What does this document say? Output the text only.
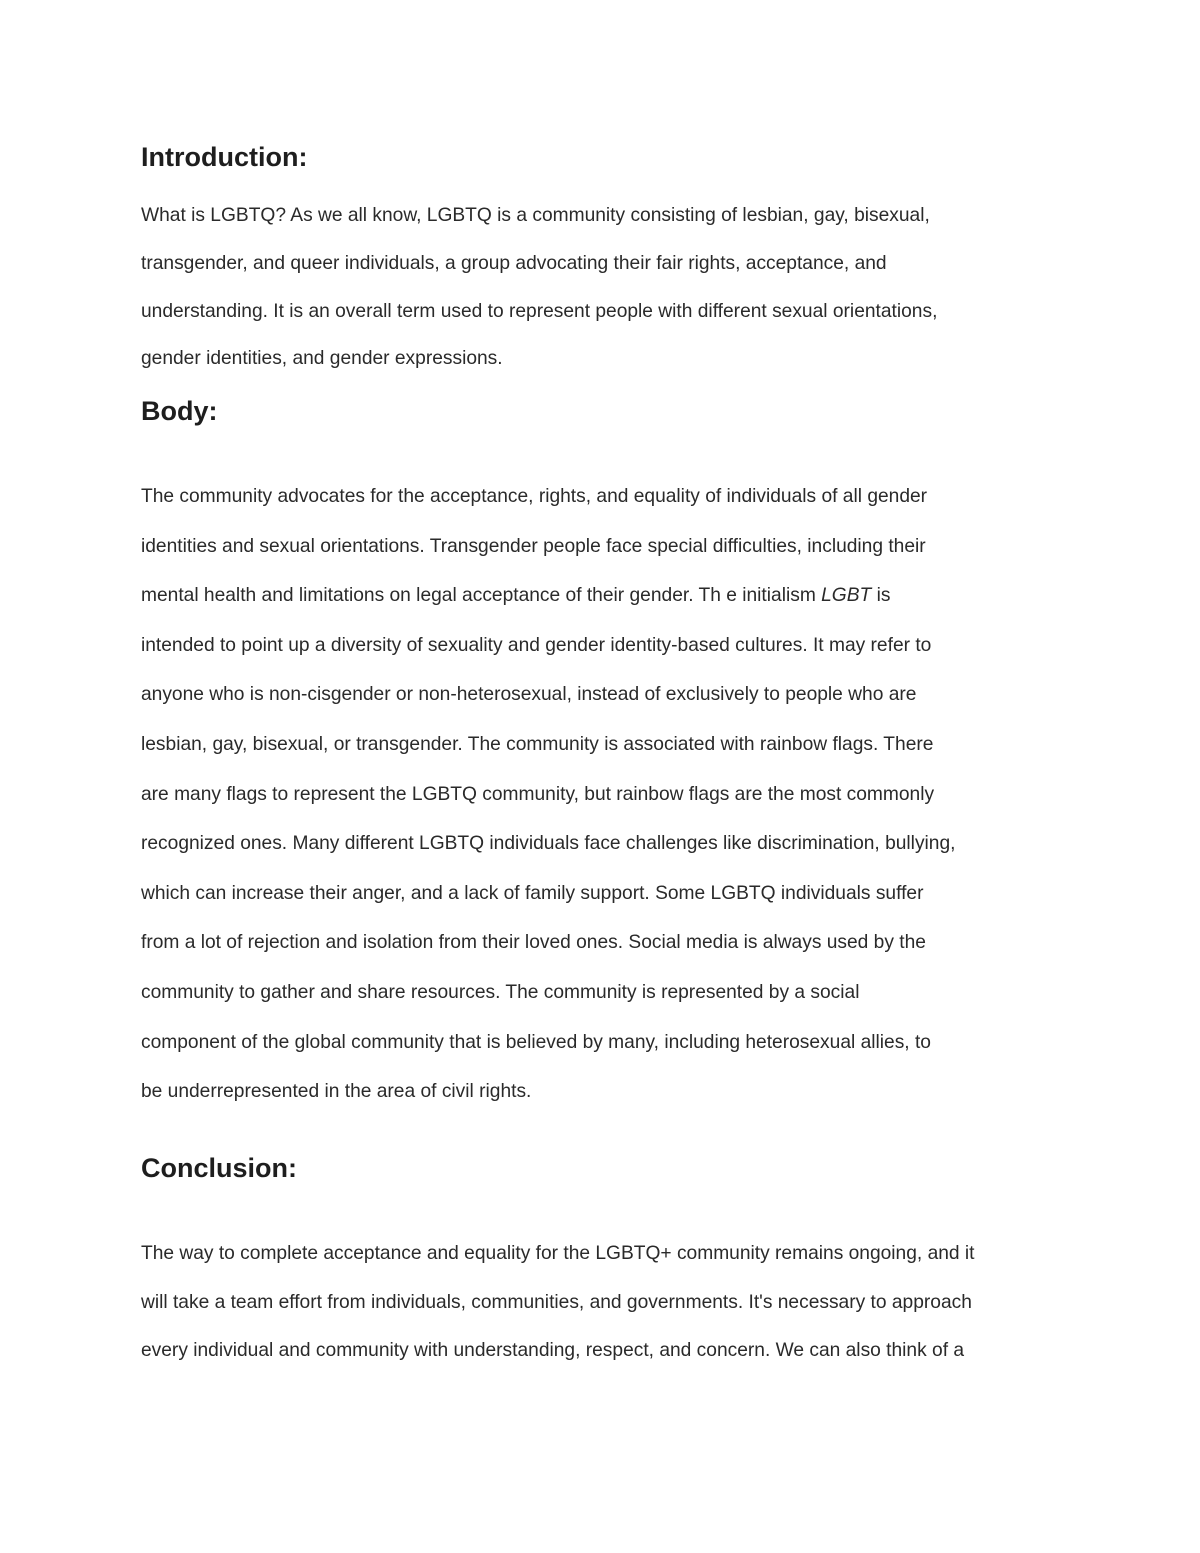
Introduction:

What is LGBTQ? As we all know, LGBTQ is a community consisting of lesbian, gay, bisexual,
transgender, and queer individuals, a group advocating their fair rights, acceptance, and
understanding. It is an overall term used to represent people with different sexual orientations,
gender identities, and gender expressions.

Body:

The community advocates for the acceptance, rights, and equality of individuals of all gender
identities and sexual orientations. Transgender people face special difficulties, including their
mental health and limitations on legal acceptance of their gender. Th e initialism LGBT is
intended to point up a diversity of sexuality and gender identity-based cultures. It may refer to
anyone who is non-cisgender or non-heterosexual, instead of exclusively to people who are
lesbian, gay, bisexual, or transgender. The community is associated with rainbow flags. There
are many flags to represent the LGBTQ community, but rainbow flags are the most commonly
recognized ones. Many different LGBTQ individuals face challenges like discrimination, bullying,
which can increase their anger, and a lack of family support. Some LGBTQ individuals suffer
from a lot of rejection and isolation from their loved ones. Social media is always used by the
community to gather and share resources. The community is represented by a social
component of the global community that is believed by many, including heterosexual allies, to
be underrepresented in the area of civil rights.

Conclusion:

The way to complete acceptance and equality for the LGBTQ+ community remains ongoing, and it
will take a team effort from individuals, communities, and governments. It's necessary to approach
every individual and community with understanding, respect, and concern. We can also think of a
